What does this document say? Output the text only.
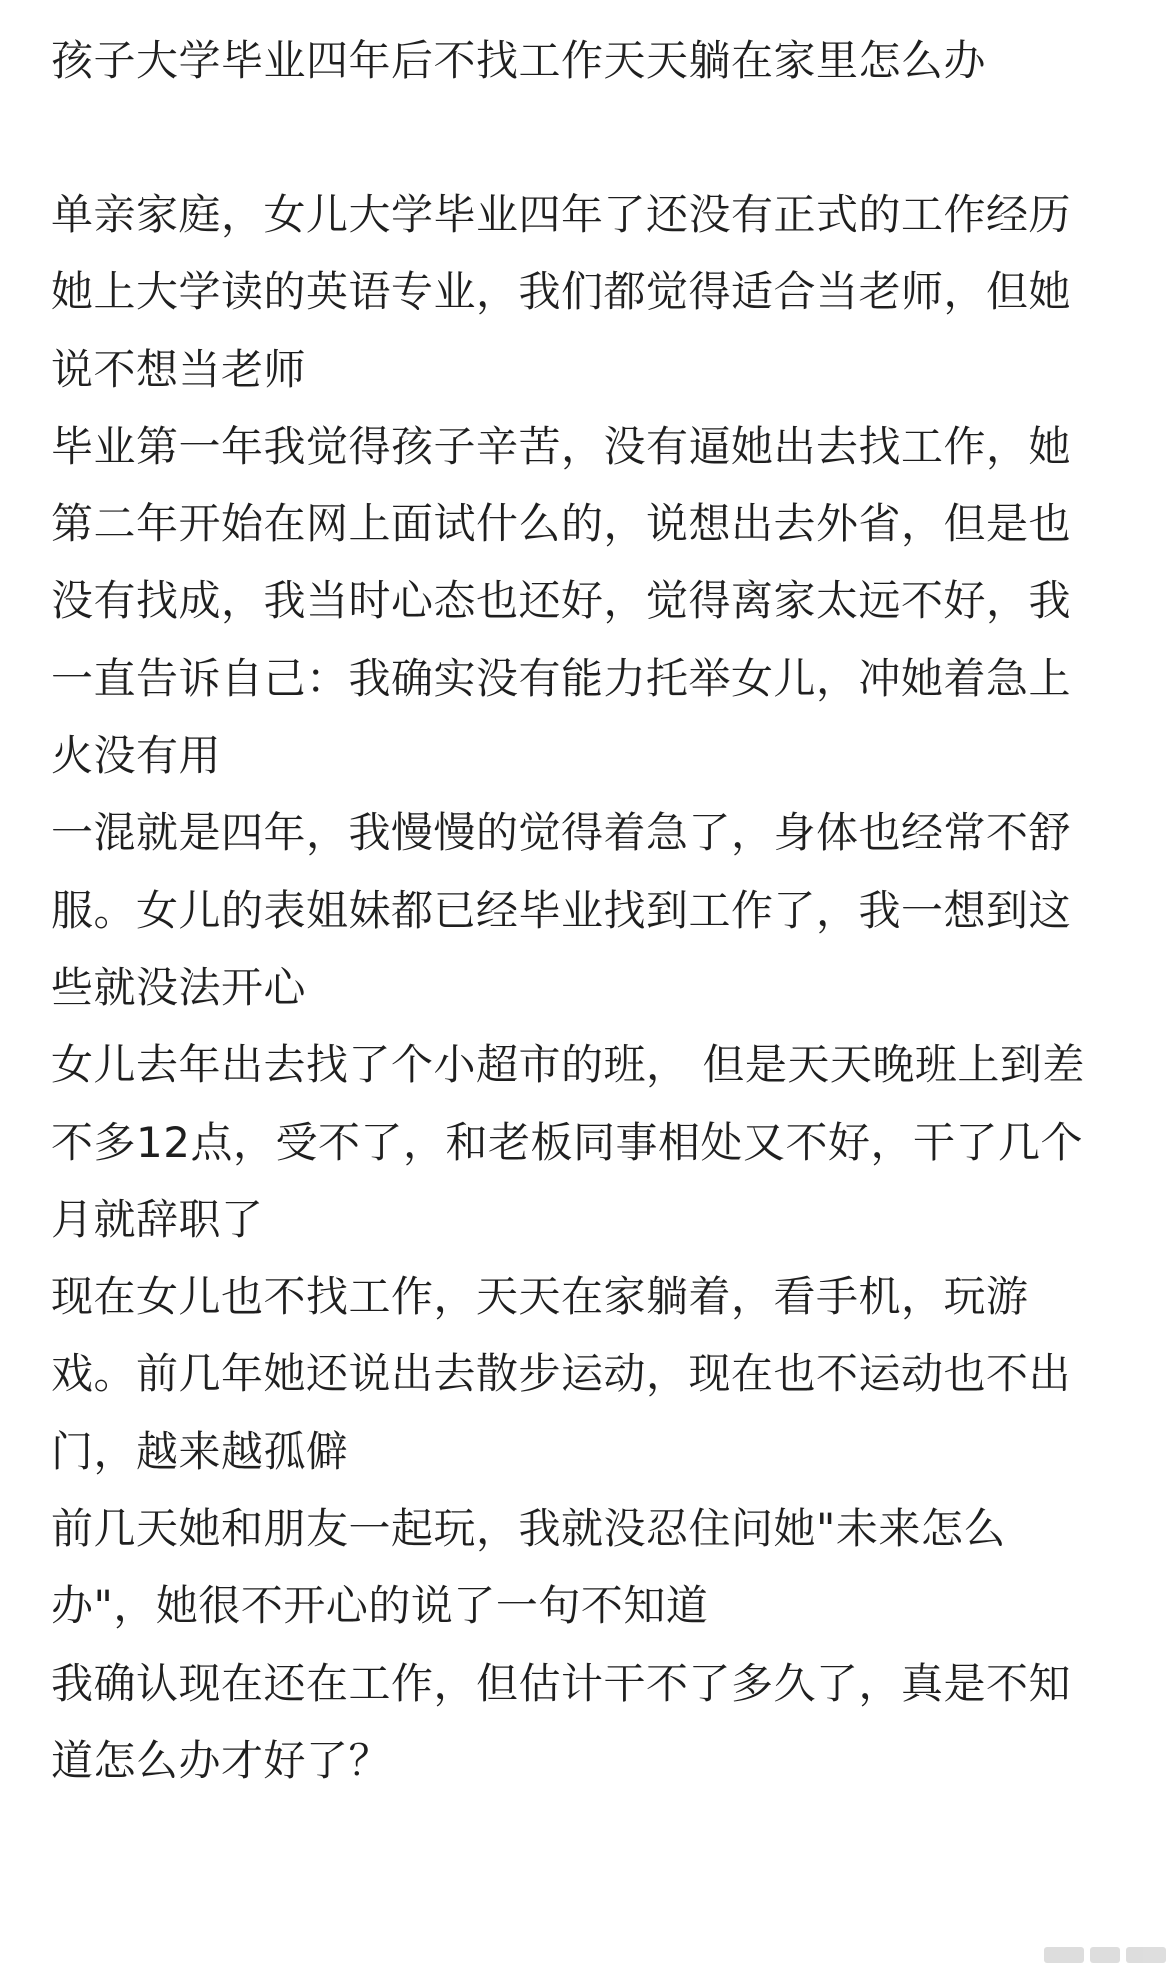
孩子大学毕业四年后不找工作天天躺在家里怎么办

单亲家庭，女儿大学毕业四年了还没有正式的工作经历

她上大学读的英语专业，我们都觉得适合当老师，但她说不想当老师

毕业第一年我觉得孩子辛苦，没有逼她出去找工作，她第二年开始在网上面试什么的，说想出去外省，但是也没有找成，我当时心态也还好，觉得离家太远不好，我一直告诉自己：我确实没有能力托举女儿，冲她着急上火没有用

一混就是四年，我慢慢的觉得着急了，身体也经常不舒服。女儿的表姐妹都已经毕业找到工作了，我一想到这些就没法开心

女儿去年出去找了个小超市的班， 但是天天晚班上到差不多12点，受不了，和老板同事相处又不好，干了几个月就辞职了

现在女儿也不找工作，天天在家躺着，看手机，玩游戏。前几年她还说出去散步运动，现在也不运动也不出门，越来越孤僻

前几天她和朋友一起玩，我就没忍住问她"未来怎么办"，她很不开心的说了一句不知道

我确认现在还在工作，但估计干不了多久了，真是不知道怎么办才好了？
